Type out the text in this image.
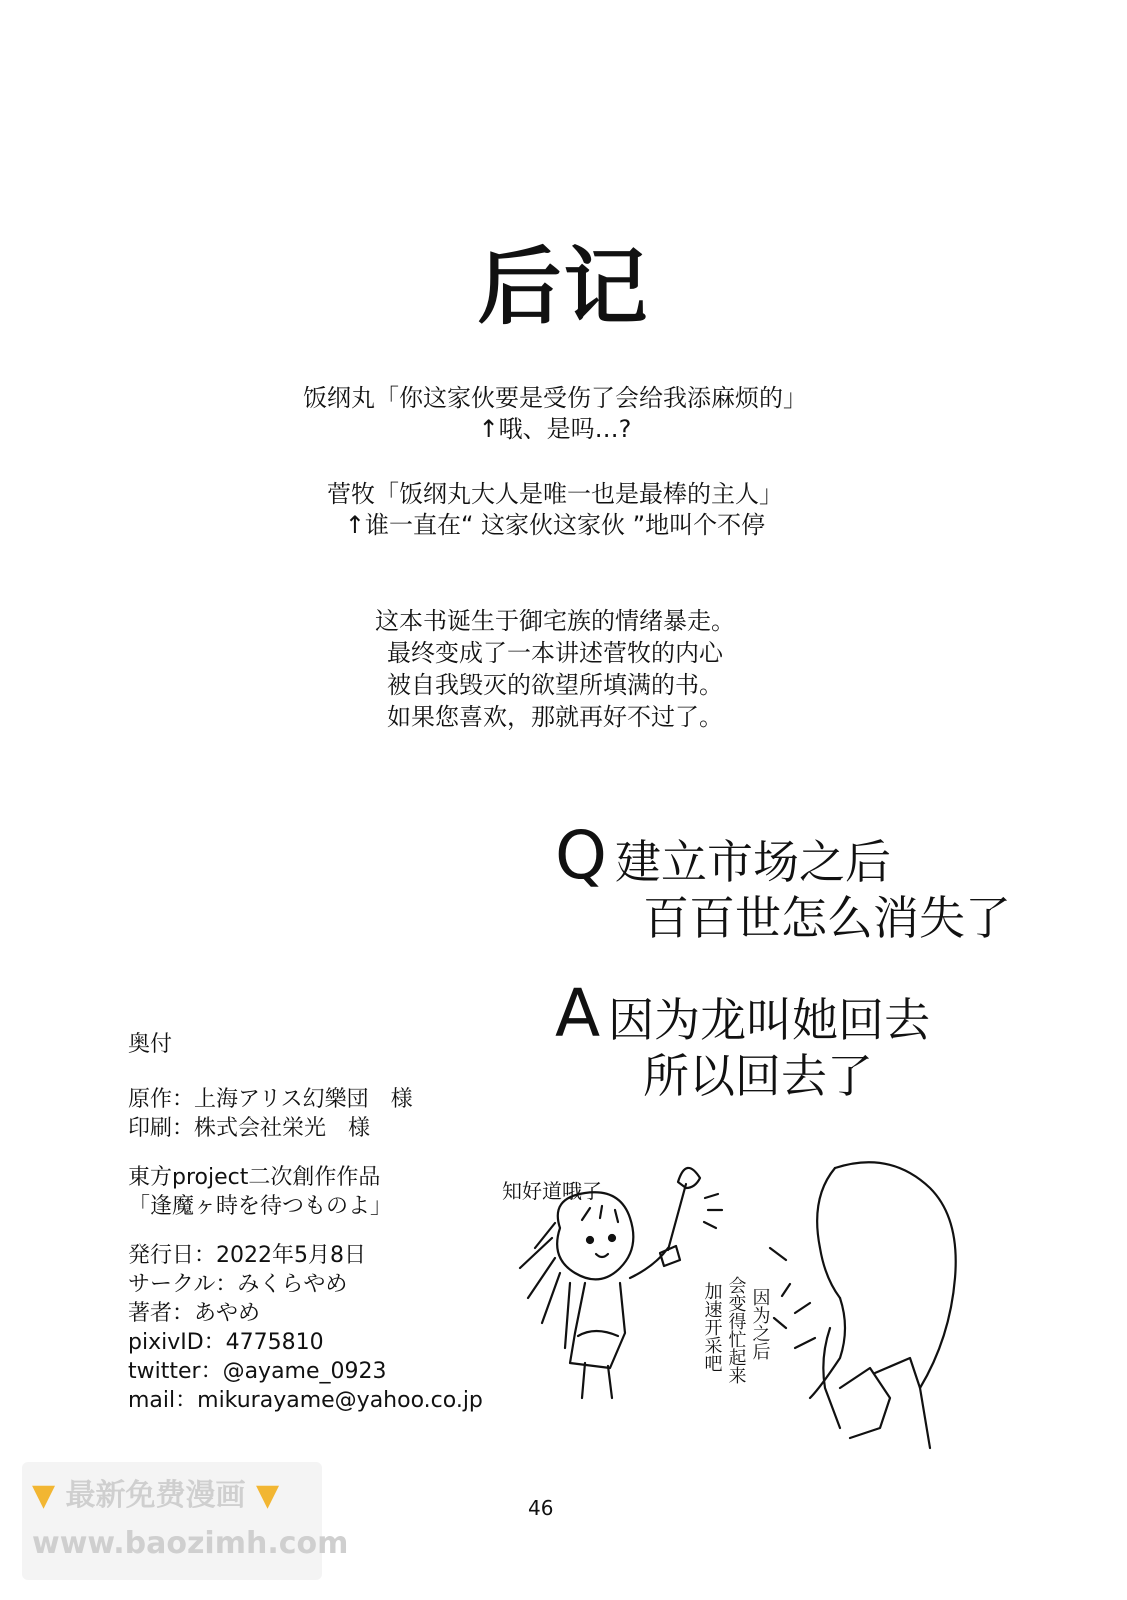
后记
饭纲丸「你这家伙要是受伤了会给我添麻烦的」
↑哦、是吗…?
菅牧「饭纲丸大人是唯一也是最棒的主人」
↑谁一直在“ 这家伙这家伙 ”地叫个不停
这本书诞生于御宅族的情绪暴走。
最终变成了一本讲述菅牧的内心
被自我毁灭的欲望所填满的书。
如果您喜欢，那就再好不过了。
Q 建立市场之后
百百世怎么消失了
A 因为龙叫她回去
所以回去了
奥付
原作：上海アリス幻樂団　様
印刷：株式会社栄光　様
東方project二次創作作品
「逢魔ヶ時を待つものよ」
発行日：2022年5月8日
サークル：みくらやめ
著者：あやめ
pixivID：4775810
twitter：@ayame_0923
mail：mikurayame@yahoo.co.jp
知好道哦了
因为之后
会变得忙起来
加速开采吧
46
▼ 最新免费漫画 ▼
www.baozimh.com
